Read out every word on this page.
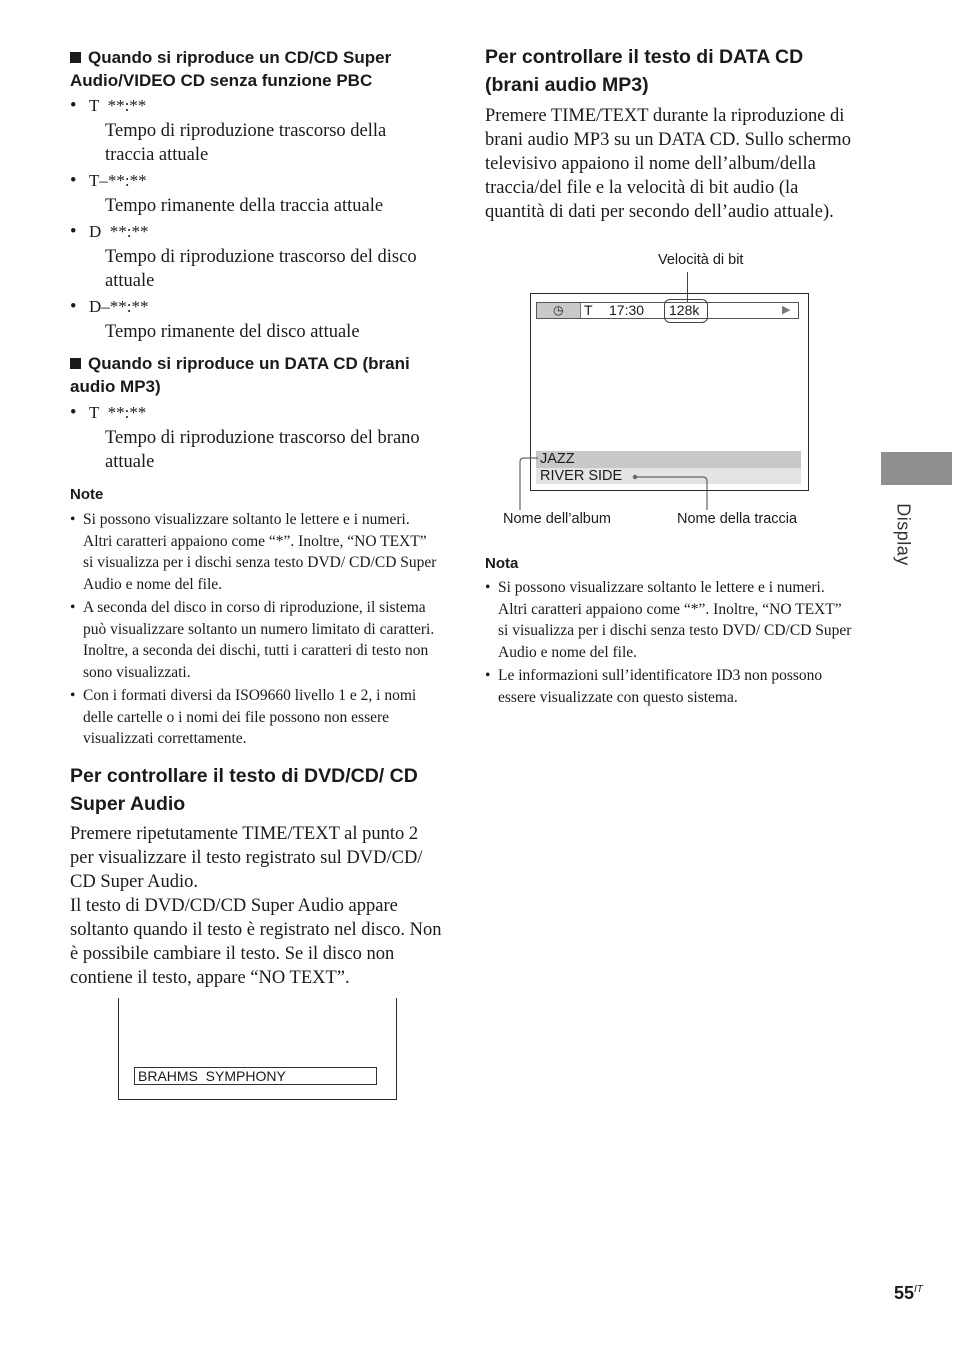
Quando si riproduce un CD/CD Super Audio/VIDEO CD senza funzione PBC
• T  **:**
Tempo di riproduzione trascorso della traccia attuale
• T–**:**
Tempo rimanente della traccia attuale
• D  **:**
Tempo di riproduzione trascorso del disco attuale
• D–**:**
Tempo rimanente del disco attuale
Quando si riproduce un DATA CD (brani audio MP3)
• T  **:**
Tempo di riproduzione trascorso del brano attuale
Note
• Si possono visualizzare soltanto le lettere e i numeri. Altri caratteri appaiono come “*”. Inoltre, “NO TEXT” si visualizza per i dischi senza testo DVD/ CD/CD Super Audio e nome del file.
• A seconda del disco in corso di riproduzione, il sistema può visualizzare soltanto un numero limitato di caratteri. Inoltre, a seconda dei dischi, tutti i caratteri di testo non sono visualizzati.
• Con i formati diversi da ISO9660 livello 1 e 2, i nomi delle cartelle o i nomi dei file possono non essere visualizzati correttamente.
Per controllare il testo di DVD/CD/ CD Super Audio
Premere ripetutamente TIME/TEXT al punto 2 per visualizzare il testo registrato sul DVD/CD/ CD Super Audio.
Il testo di DVD/CD/CD Super Audio appare soltanto quando il testo è registrato nel disco. Non è possibile cambiare il testo. Se il disco non contiene il testo, appare “NO TEXT”.
BRAHMS  SYMPHONY
Per controllare il testo di DATA CD (brani audio MP3)
Premere TIME/TEXT durante la riproduzione di brani audio MP3 su un DATA CD. Sullo schermo televisivo appaiono il nome dell’album/della traccia/del file e la velocità di bit audio (la quantità di dati per secondo dell’audio attuale).
Velocità di bit
◷ T 17:30 128k	▶
JAZZ
RIVER SIDE
Nome dell’album	Nome della traccia
Nota
• Si possono visualizzare soltanto le lettere e i numeri. Altri caratteri appaiono come “*”. Inoltre, “NO TEXT” si visualizza per i dischi senza testo DVD/ CD/CD Super Audio e nome del file.
• Le informazioni sull’identificatore ID3 non possono essere visualizzate con questo sistema.
Display
$55^{IT}$
